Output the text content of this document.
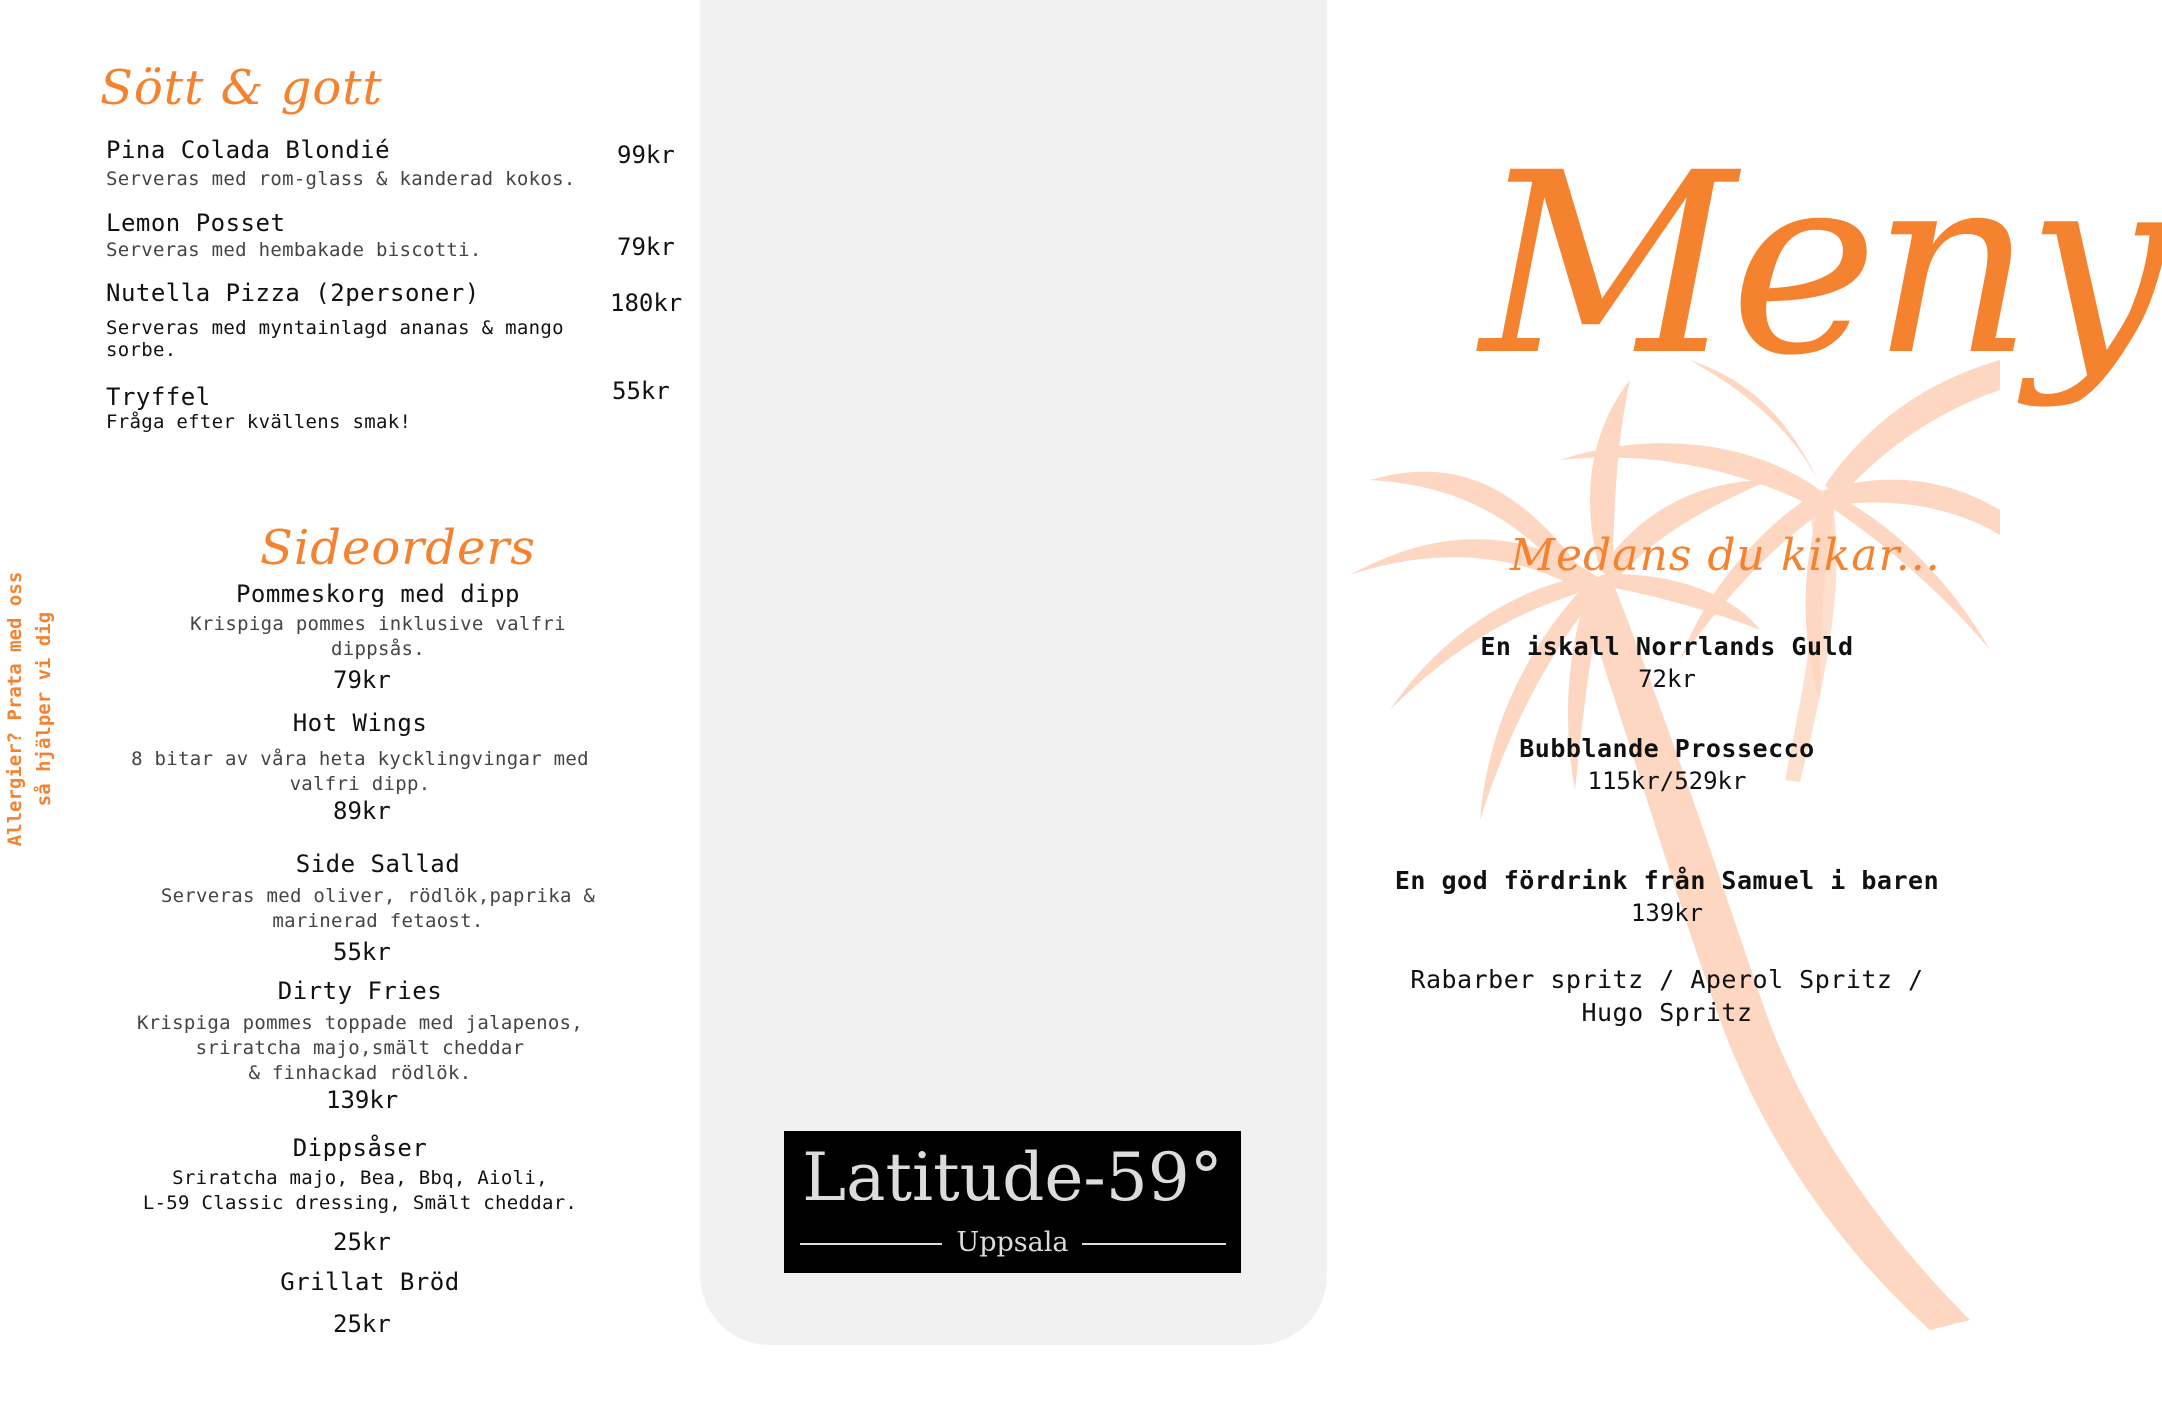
Latitude-59°
Uppsala
Sött & gott
Pina Colada Blondié
Serveras med rom-glass & kanderad kokos.
99kr
Lemon Posset
Serveras med hembakade biscotti.	79kr
Nutella Pizza (2personer)
Serveras med myntainlagd ananas & mango
sorbe.
180kr
Tryffel
Fråga efter kvällens smak!
55kr
Allergier? Prata med oss så hjälper vi dig
Sideorders
Pommeskorg med dipp
Krispiga pommes inklusive valfri
dippsås.
79kr
Hot Wings
8 bitar av våra heta kycklingvingar med
valfri dipp.
89kr
Side Sallad
Serveras med oliver, rödlök,paprika &
marinerad fetaost.
55kr
Dirty Fries
Krispiga pommes toppade med jalapenos,
sriratcha majo,smält cheddar
& finhackad rödlök.
139kr
Dippsåser
Sriratcha majo, Bea, Bbq, Aioli,
L-59 Classic dressing, Smält cheddar.
25kr
Grillat Bröd
25kr
Meny
Medans du kikar...
En iskall Norrlands Guld
72kr
Bubblande Prossecco
115kr/529kr
En god fördrink från Samuel i baren
139kr
Rabarber spritz / Aperol Spritz /
Hugo Spritz
